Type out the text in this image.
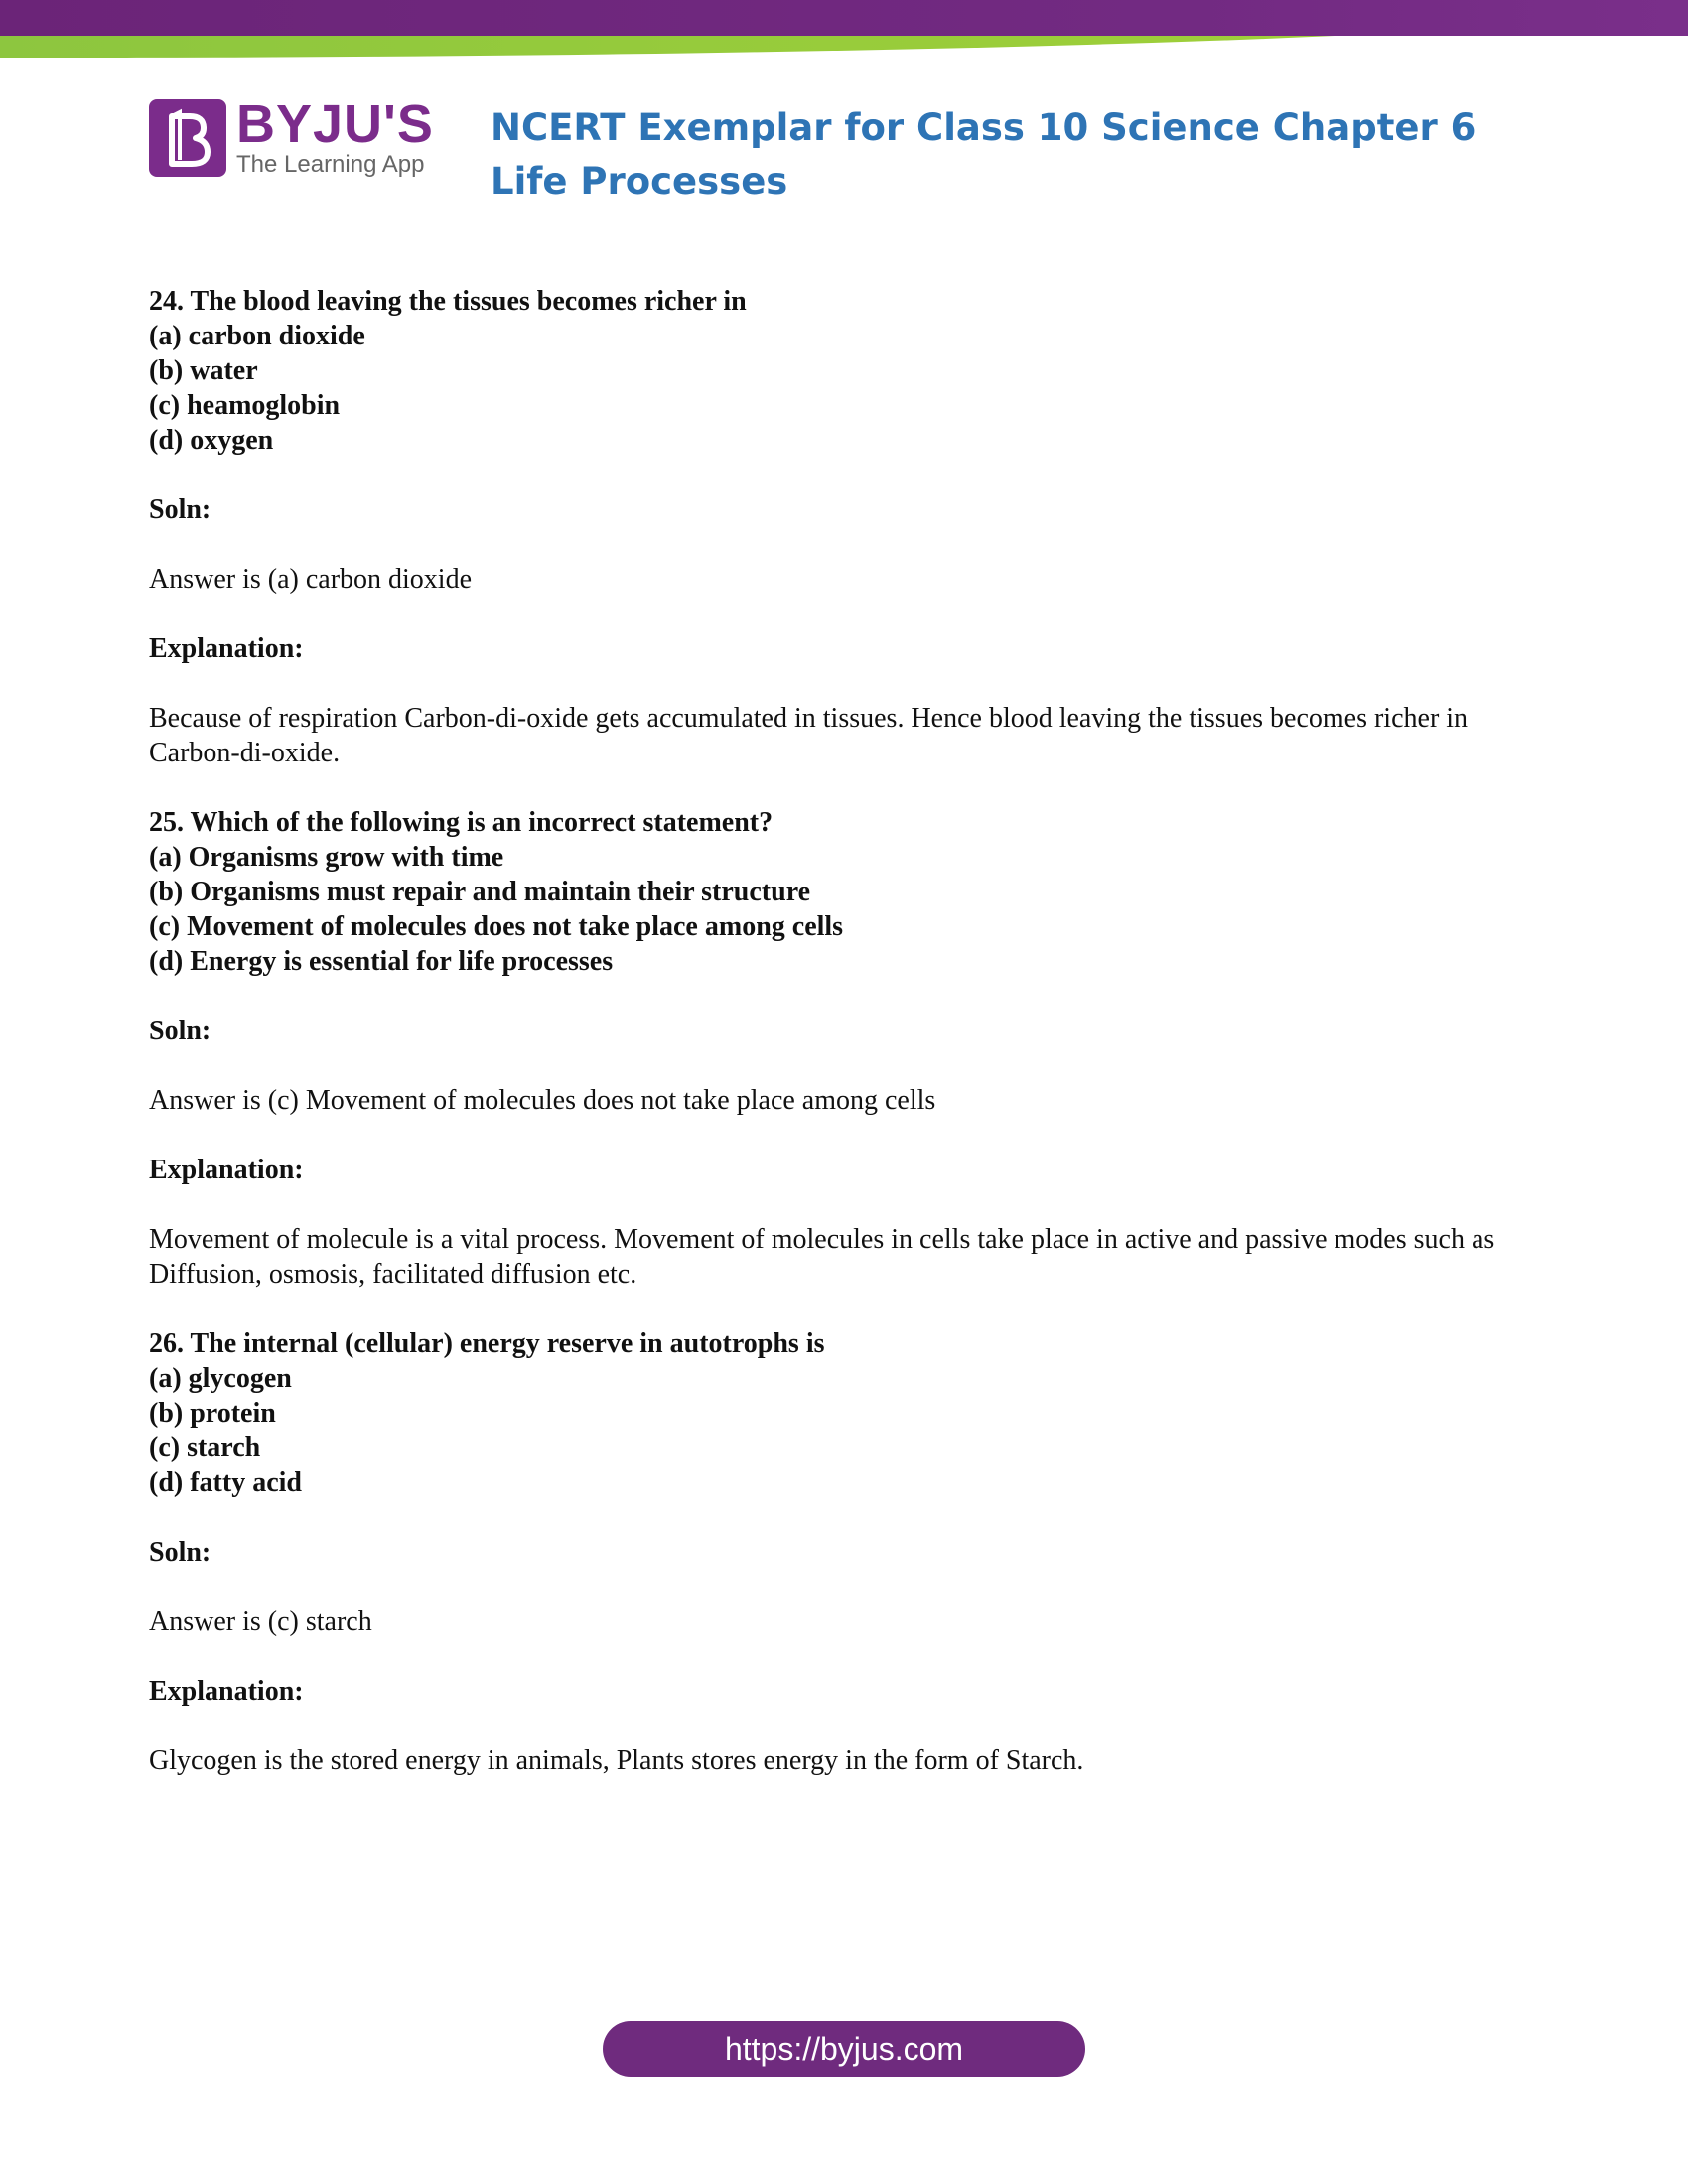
BYJU'S
The Learning App
NCERT Exemplar for Class 10 Science Chapter 6 Life Processes
24. The blood leaving the tissues becomes richer in
(a) carbon dioxide
(b) water
(c) heamoglobin
(d) oxygen
Soln:
Answer is (a) carbon dioxide
Explanation:
Because of respiration Carbon-di-oxide gets accumulated in tissues. Hence blood leaving the tissues becomes richer in Carbon-di-oxide.
25. Which of the following is an incorrect statement?
(a) Organisms grow with time
(b) Organisms must repair and maintain their structure
(c) Movement of molecules does not take place among cells
(d) Energy is essential for life processes
Soln:
Answer is (c) Movement of molecules does not take place among cells
Explanation:
Movement of molecule is a vital process. Movement of molecules in cells take place in active and passive modes such as Diffusion, osmosis, facilitated diffusion etc.
26. The internal (cellular) energy reserve in autotrophs is
(a) glycogen
(b) protein
(c) starch
(d) fatty acid
Soln:
Answer is (c) starch
Explanation:
Glycogen is the stored energy in animals, Plants stores energy in the form of Starch.
https://byjus.com
